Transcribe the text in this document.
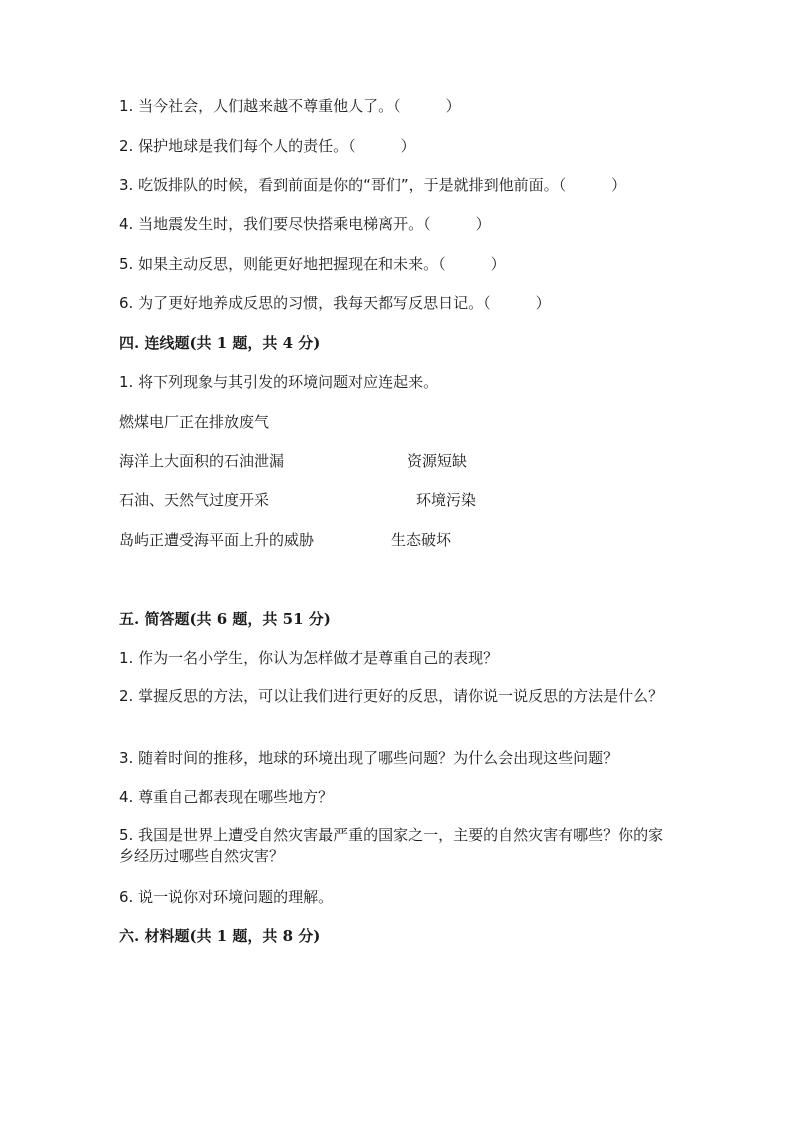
1. 当今社会，人们越来越不尊重他人了。（　　　）
2. 保护地球是我们每个人的责任。（　　　）
3. 吃饭排队的时候，看到前面是你的“哥们”，于是就排到他前面。（　　　）
4. 当地震发生时，我们要尽快搭乘电梯离开。（　　　）
5. 如果主动反思，则能更好地把握现在和未来。（　　　）
6. 为了更好地养成反思的习惯，我每天都写反思日记。（　　　）
四. 连线题(共 1 题，共 4 分)
1. 将下列现象与其引发的环境问题对应连起来。
燃煤电厂正在排放废气
海洋上大面积的石油泄漏
石油、天然气过度开采
岛屿正遭受海平面上升的威胁
资源短缺
环境污染
生态破坏
五. 简答题(共 6 题，共 51 分)
1. 作为一名小学生，你认为怎样做才是尊重自己的表现？
2. 掌握反思的方法，可以让我们进行更好的反思，请你说一说反思的方法是什么？
3. 随着时间的推移，地球的环境出现了哪些问题？为什么会出现这些问题？
4. 尊重自己都表现在哪些地方？
5. 我国是世界上遭受自然灾害最严重的国家之一，主要的自然灾害有哪些？你的家乡经历过哪些自然灾害？
6. 说一说你对环境问题的理解。
六. 材料题(共 1 题，共 8 分)
